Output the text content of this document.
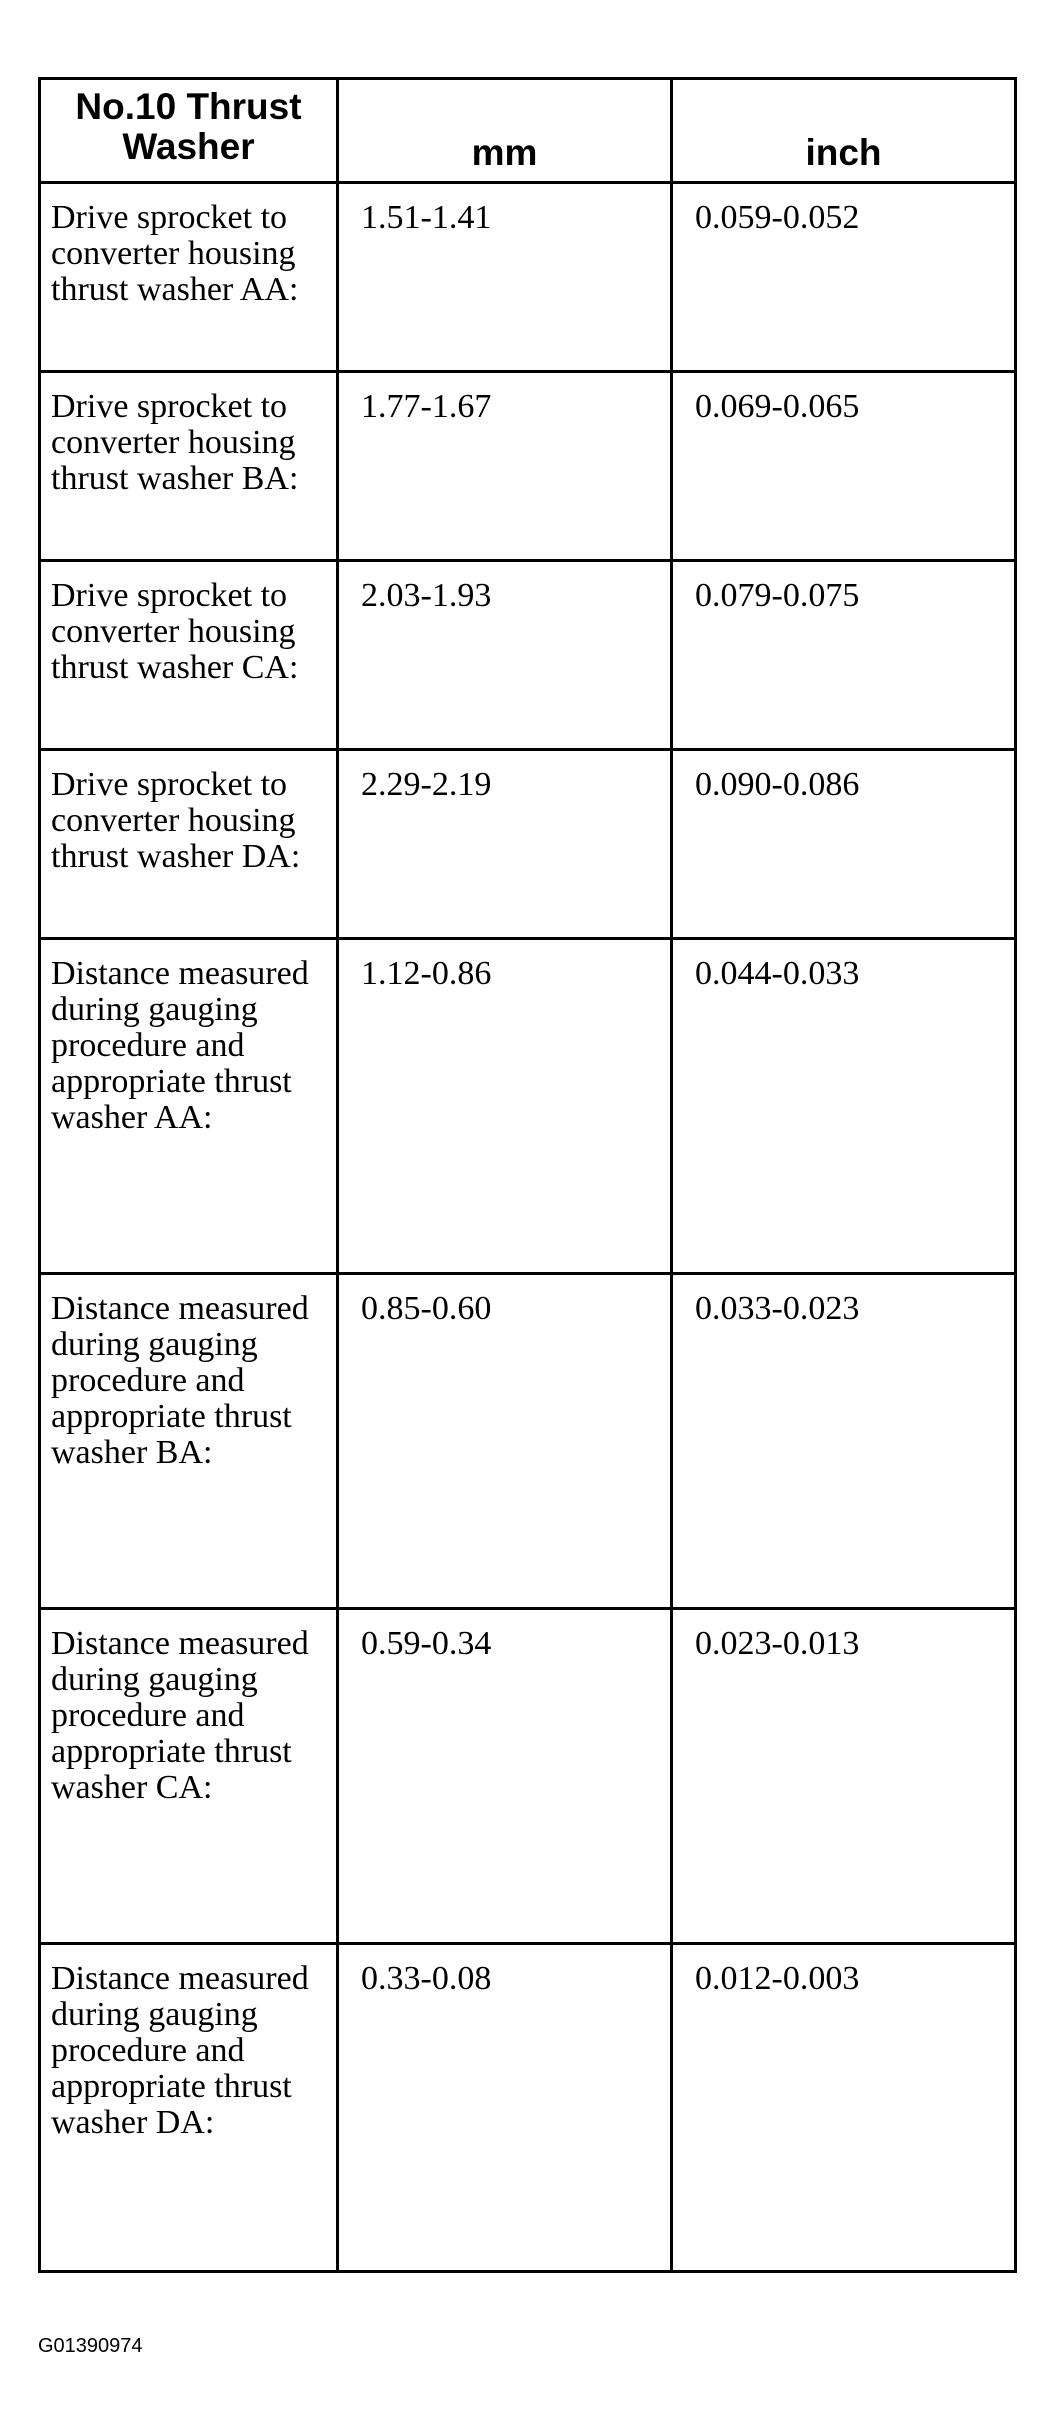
No.10 Thrust Washer	mm	inch
Drive sprocket to converter housing thrust washer AA:	1.51-1.41	0.059-0.052
Drive sprocket to converter housing thrust washer BA:	1.77-1.67	0.069-0.065
Drive sprocket to converter housing thrust washer CA:	2.03-1.93	0.079-0.075
Drive sprocket to converter housing thrust washer DA:	2.29-2.19	0.090-0.086
Distance measured during gauging procedure and appropriate thrust washer AA:	1.12-0.86	0.044-0.033
Distance measured during gauging procedure and appropriate thrust washer BA:	0.85-0.60	0.033-0.023
Distance measured during gauging procedure and appropriate thrust washer CA:	0.59-0.34	0.023-0.013
Distance measured during gauging procedure and appropriate thrust washer DA:	0.33-0.08	0.012-0.003
G01390974
